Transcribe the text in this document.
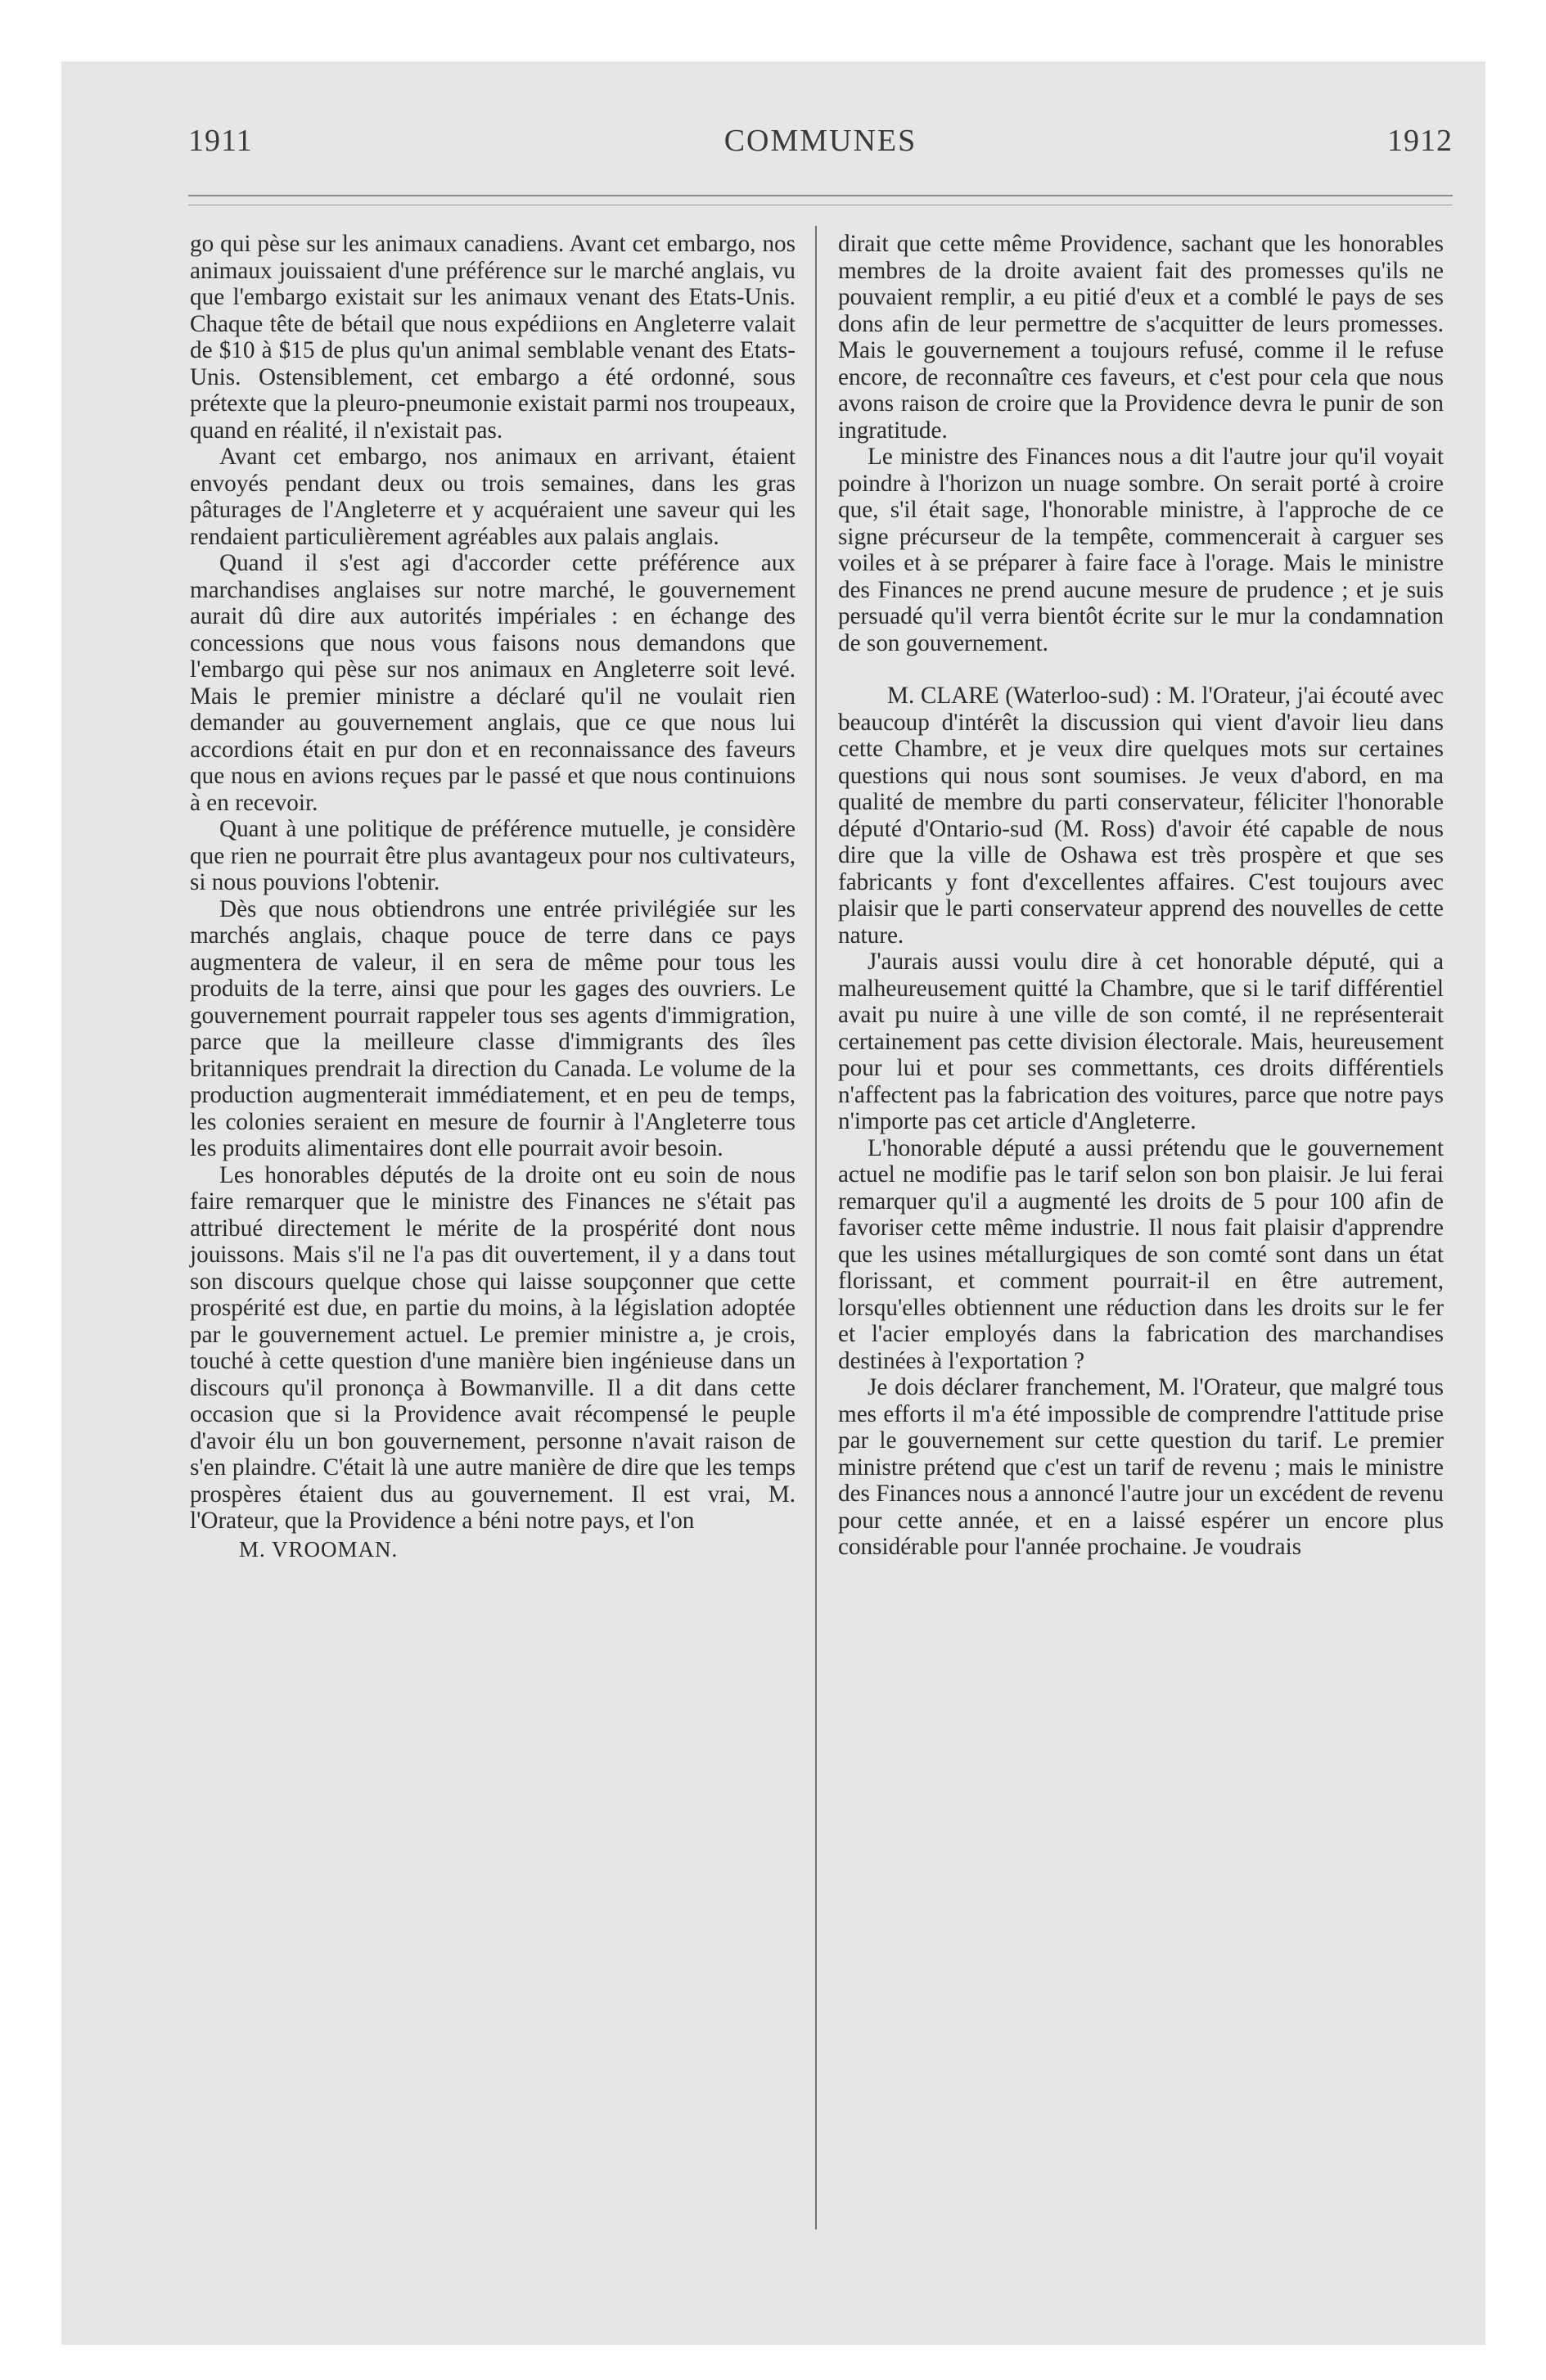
1911	COMMUNES	1912

go qui pèse sur les animaux canadiens. Avant cet embargo, nos animaux jouissaient d'une préférence sur le marché anglais, vu que l'embargo existait sur les animaux venant des Etats-Unis. Chaque tête de bétail que nous expédiions en Angleterre valait de $10 à $15 de plus qu'un animal semblable venant des Etats-Unis. Ostensiblement, cet embargo a été ordonné, sous prétexte que la pleuro-pneumonie existait parmi nos troupeaux, quand en réalité, il n'existait pas.

Avant cet embargo, nos animaux en arrivant, étaient envoyés pendant deux ou trois semaines, dans les gras pâturages de l'Angleterre et y acquéraient une saveur qui les rendaient particulièrement agréables aux palais anglais.

Quand il s'est agi d'accorder cette préférence aux marchandises anglaises sur notre marché, le gouvernement aurait dû dire aux autorités impériales : en échange des concessions que nous vous faisons nous demandons que l'embargo qui pèse sur nos animaux en Angleterre soit levé. Mais le premier ministre a déclaré qu'il ne voulait rien demander au gouvernement anglais, que ce que nous lui accordions était en pur don et en reconnaissance des faveurs que nous en avions reçues par le passé et que nous continuions à en recevoir.

Quant à une politique de préférence mutuelle, je considère que rien ne pourrait être plus avantageux pour nos cultivateurs, si nous pouvions l'obtenir.

Dès que nous obtiendrons une entrée privilégiée sur les marchés anglais, chaque pouce de terre dans ce pays augmentera de valeur, il en sera de même pour tous les produits de la terre, ainsi que pour les gages des ouvriers. Le gouvernement pourrait rappeler tous ses agents d'immigration, parce que la meilleure classe d'immigrants des îles britanniques prendrait la direction du Canada. Le volume de la production augmenterait immédiatement, et en peu de temps, les colonies seraient en mesure de fournir à l'Angleterre tous les produits alimentaires dont elle pourrait avoir besoin.

Les honorables députés de la droite ont eu soin de nous faire remarquer que le ministre des Finances ne s'était pas attribué directement le mérite de la prospérité dont nous jouissons. Mais s'il ne l'a pas dit ouvertement, il y a dans tout son discours quelque chose qui laisse soupçonner que cette prospérité est due, en partie du moins, à la législation adoptée par le gouvernement actuel. Le premier ministre a, je crois, touché à cette question d'une manière bien ingénieuse dans un discours qu'il prononça à Bowmanville. Il a dit dans cette occasion que si la Providence avait récompensé le peuple d'avoir élu un bon gouvernement, personne n'avait raison de s'en plaindre. C'était là une autre manière de dire que les temps prospères étaient dus au gouvernement. Il est vrai, M. l'Orateur, que la Providence a béni notre pays, et l'on

M. VROOMAN.

dirait que cette même Providence, sachant que les honorables membres de la droite avaient fait des promesses qu'ils ne pouvaient remplir, a eu pitié d'eux et a comblé le pays de ses dons afin de leur permettre de s'acquitter de leurs promesses. Mais le gouvernement a toujours refusé, comme il le refuse encore, de reconnaître ces faveurs, et c'est pour cela que nous avons raison de croire que la Providence devra le punir de son ingratitude.

Le ministre des Finances nous a dit l'autre jour qu'il voyait poindre à l'horizon un nuage sombre. On serait porté à croire que, s'il était sage, l'honorable ministre, à l'approche de ce signe précurseur de la tempête, commencerait à carguer ses voiles et à se préparer à faire face à l'orage. Mais le ministre des Finances ne prend aucune mesure de prudence ; et je suis persuadé qu'il verra bientôt écrite sur le mur la condamnation de son gouvernement.

M. CLARE (Waterloo-sud) : M. l'Orateur, j'ai écouté avec beaucoup d'intérêt la discussion qui vient d'avoir lieu dans cette Chambre, et je veux dire quelques mots sur certaines questions qui nous sont soumises. Je veux d'abord, en ma qualité de membre du parti conservateur, féliciter l'honorable député d'Ontario-sud (M. Ross) d'avoir été capable de nous dire que la ville de Oshawa est très prospère et que ses fabricants y font d'excellentes affaires. C'est toujours avec plaisir que le parti conservateur apprend des nouvelles de cette nature.

J'aurais aussi voulu dire à cet honorable député, qui a malheureusement quitté la Chambre, que si le tarif différentiel avait pu nuire à une ville de son comté, il ne représenterait certainement pas cette division électorale. Mais, heureusement pour lui et pour ses commettants, ces droits différentiels n'affectent pas la fabrication des voitures, parce que notre pays n'importe pas cet article d'Angleterre.

L'honorable député a aussi prétendu que le gouvernement actuel ne modifie pas le tarif selon son bon plaisir. Je lui ferai remarquer qu'il a augmenté les droits de 5 pour 100 afin de favoriser cette même industrie. Il nous fait plaisir d'apprendre que les usines métallurgiques de son comté sont dans un état florissant, et comment pourrait-il en être autrement, lorsqu'elles obtiennent une réduction dans les droits sur le fer et l'acier employés dans la fabrication des marchandises destinées à l'exportation ?

Je dois déclarer franchement, M. l'Orateur, que malgré tous mes efforts il m'a été impossible de comprendre l'attitude prise par le gouvernement sur cette question du tarif. Le premier ministre prétend que c'est un tarif de revenu ; mais le ministre des Finances nous a annoncé l'autre jour un excédent de revenu pour cette année, et en a laissé espérer un encore plus considérable pour l'année prochaine. Je voudrais
